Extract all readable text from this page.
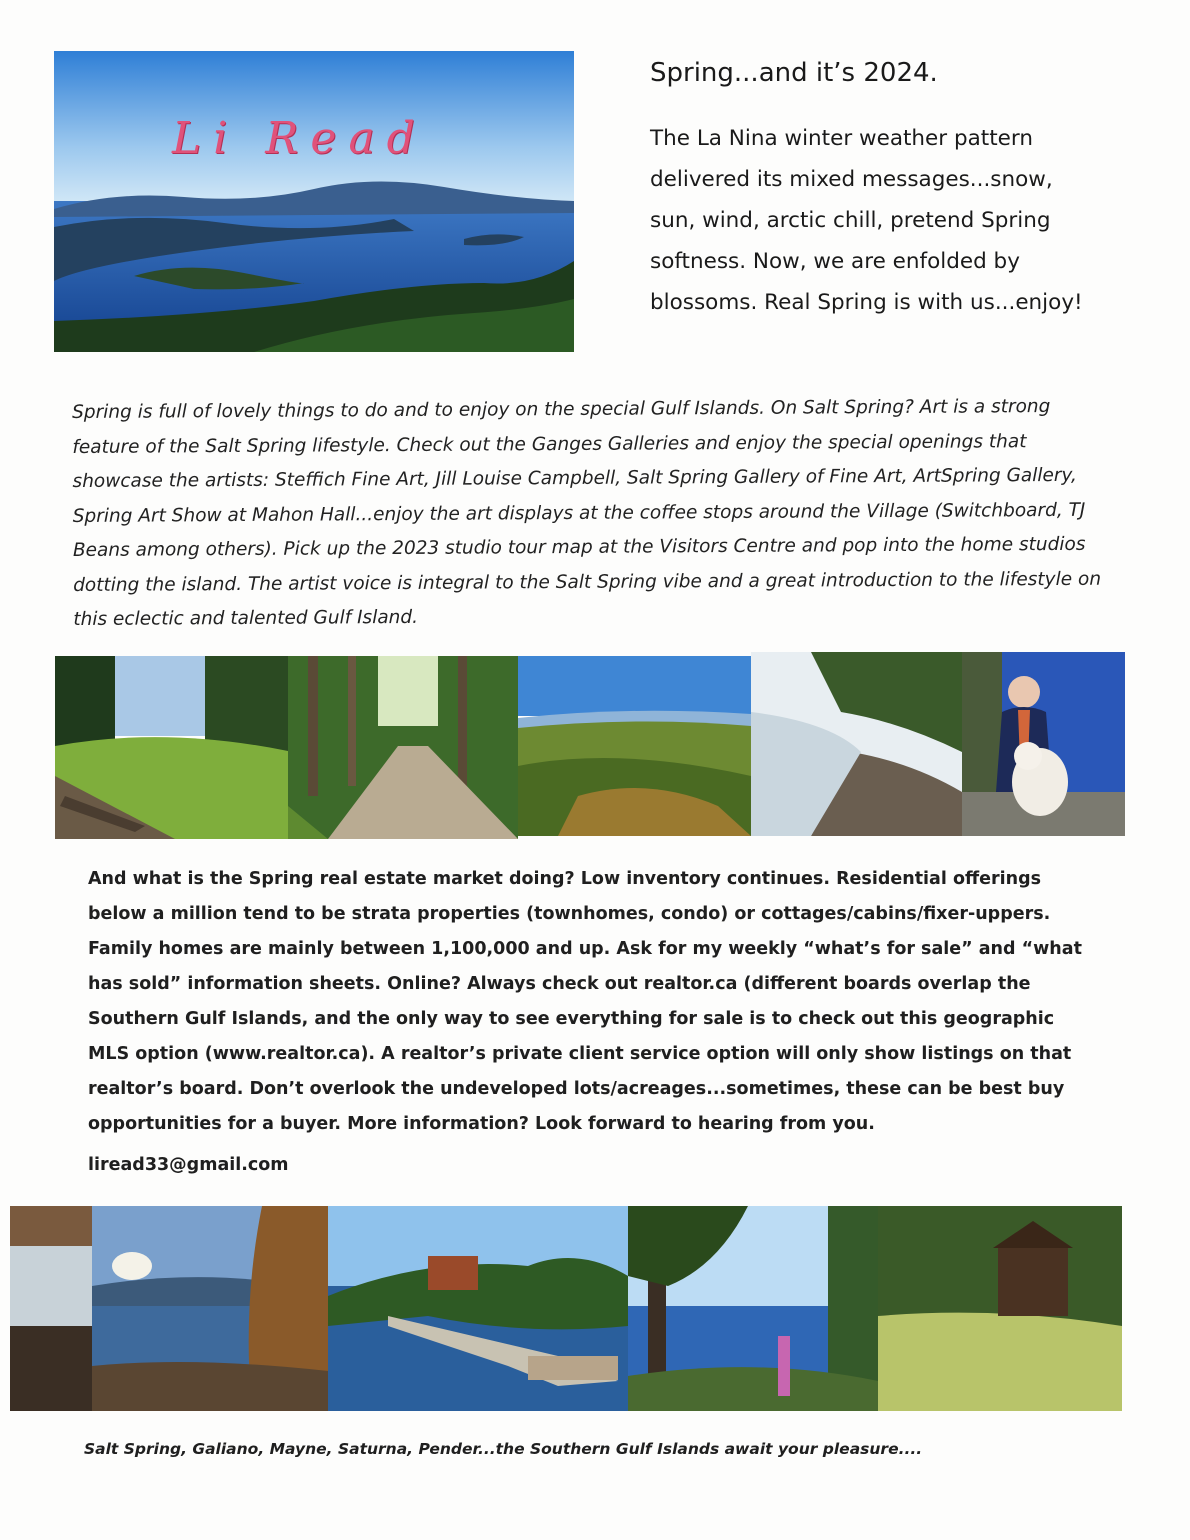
Li Read
Spring...and it’s 2024.

The La Nina winter weather pattern delivered its mixed messages...snow, sun, wind, arctic chill, pretend Spring softness. Now, we are enfolded by blossoms. Real Spring is with us...enjoy!

Spring is full of lovely things to do and to enjoy on the special Gulf Islands. On Salt Spring? Art is a strong feature of the Salt Spring lifestyle. Check out the Ganges Galleries and enjoy the special openings that showcase the artists: Steffich Fine Art, Jill Louise Campbell, Salt Spring Gallery of Fine Art, ArtSpring Gallery, Spring Art Show at Mahon Hall...enjoy the art displays at the coffee stops around the Village (Switchboard, TJ Beans among others). Pick up the 2023 studio tour map at the Visitors Centre and pop into the home studios dotting the island. The artist voice is integral to the Salt Spring vibe and a great introduction to the lifestyle on this eclectic and talented Gulf Island.

And what is the Spring real estate market doing? Low inventory continues. Residential offerings below a million tend to be strata properties (townhomes, condo) or cottages/cabins/fixer-uppers. Family homes are mainly between 1,100,000 and up. Ask for my weekly “what’s for sale” and “what has sold” information sheets. Online? Always check out realtor.ca (different boards overlap the Southern Gulf Islands, and the only way to see everything for sale is to check out this geographic MLS option (www.realtor.ca). A realtor’s private client service option will only show listings on that realtor’s board. Don’t overlook the undeveloped lots/acreages...sometimes, these can be best buy opportunities for a buyer. More information? Look forward to hearing from you.

liread33@gmail.com
Salt Spring, Galiano, Mayne, Saturna, Pender...the Southern Gulf Islands await your pleasure....
